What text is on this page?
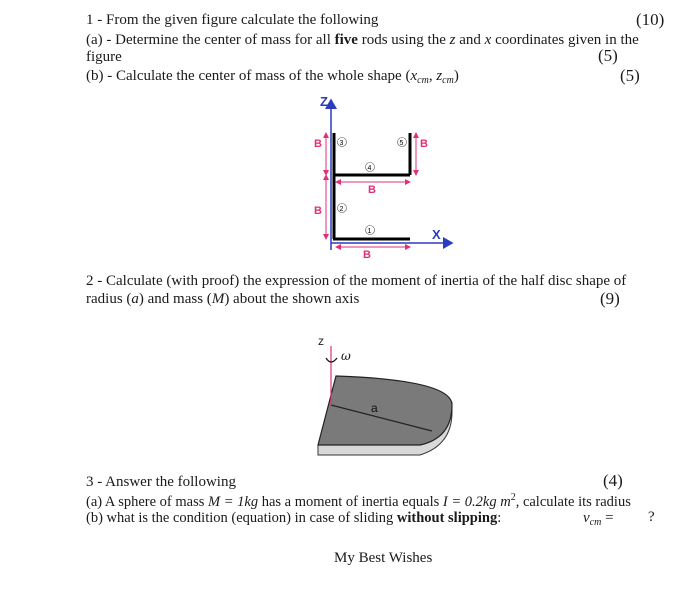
1 - From the given figure calculate the following	(10)
(a) - Determine the center of mass for all five rods using the z and x coordinates given in the
figure	(5)
(b) - Calculate the center of mass of the whole shape ($x_{cm}$, $z_{cm}$)	(5)
Z
X
B
B
B
B
B
3
2
4
5
1
2 - Calculate (with proof) the expression of the moment of inertia of the half disc shape of
radius (a) and mass (M) about the shown axis	(9)
a
z
ω
3 - Answer the following	(4)
(a) A sphere of mass M = 1kg has a moment of inertia equals I = 0.2kg $m^2$, calculate its radius
(b) what is the condition (equation) in case of sliding without slipping:	$v_{cm}$ = ?
My Best Wishes
